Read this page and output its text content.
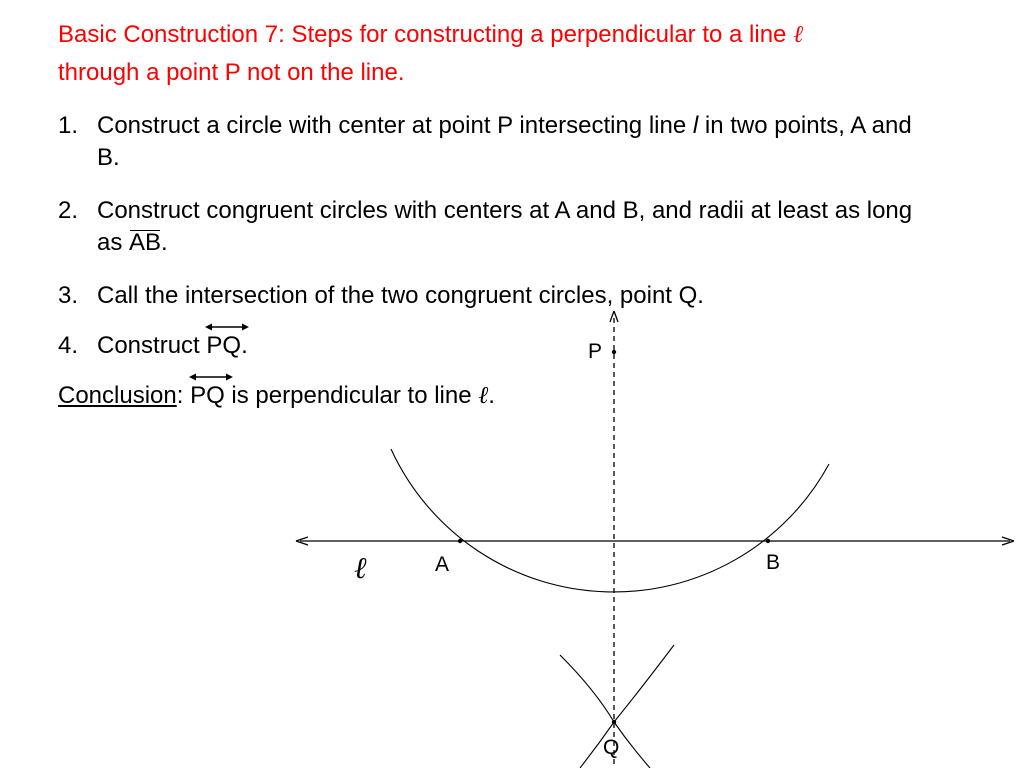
Basic Construction 7: Steps for constructing a perpendicular to a line ℓ
through a point P not on the line.
1. Construct a circle with center at point P intersecting line l in two points, A and B.
2. Construct congruent circles with centers at A and B, and radii at least as long as
AB.
3. Call the intersection of the two congruent circles, point Q.
4. Construct
PQ.
Conclusion: PQ is perpendicular to line ℓ.
P
A	B
Q
ℓ
